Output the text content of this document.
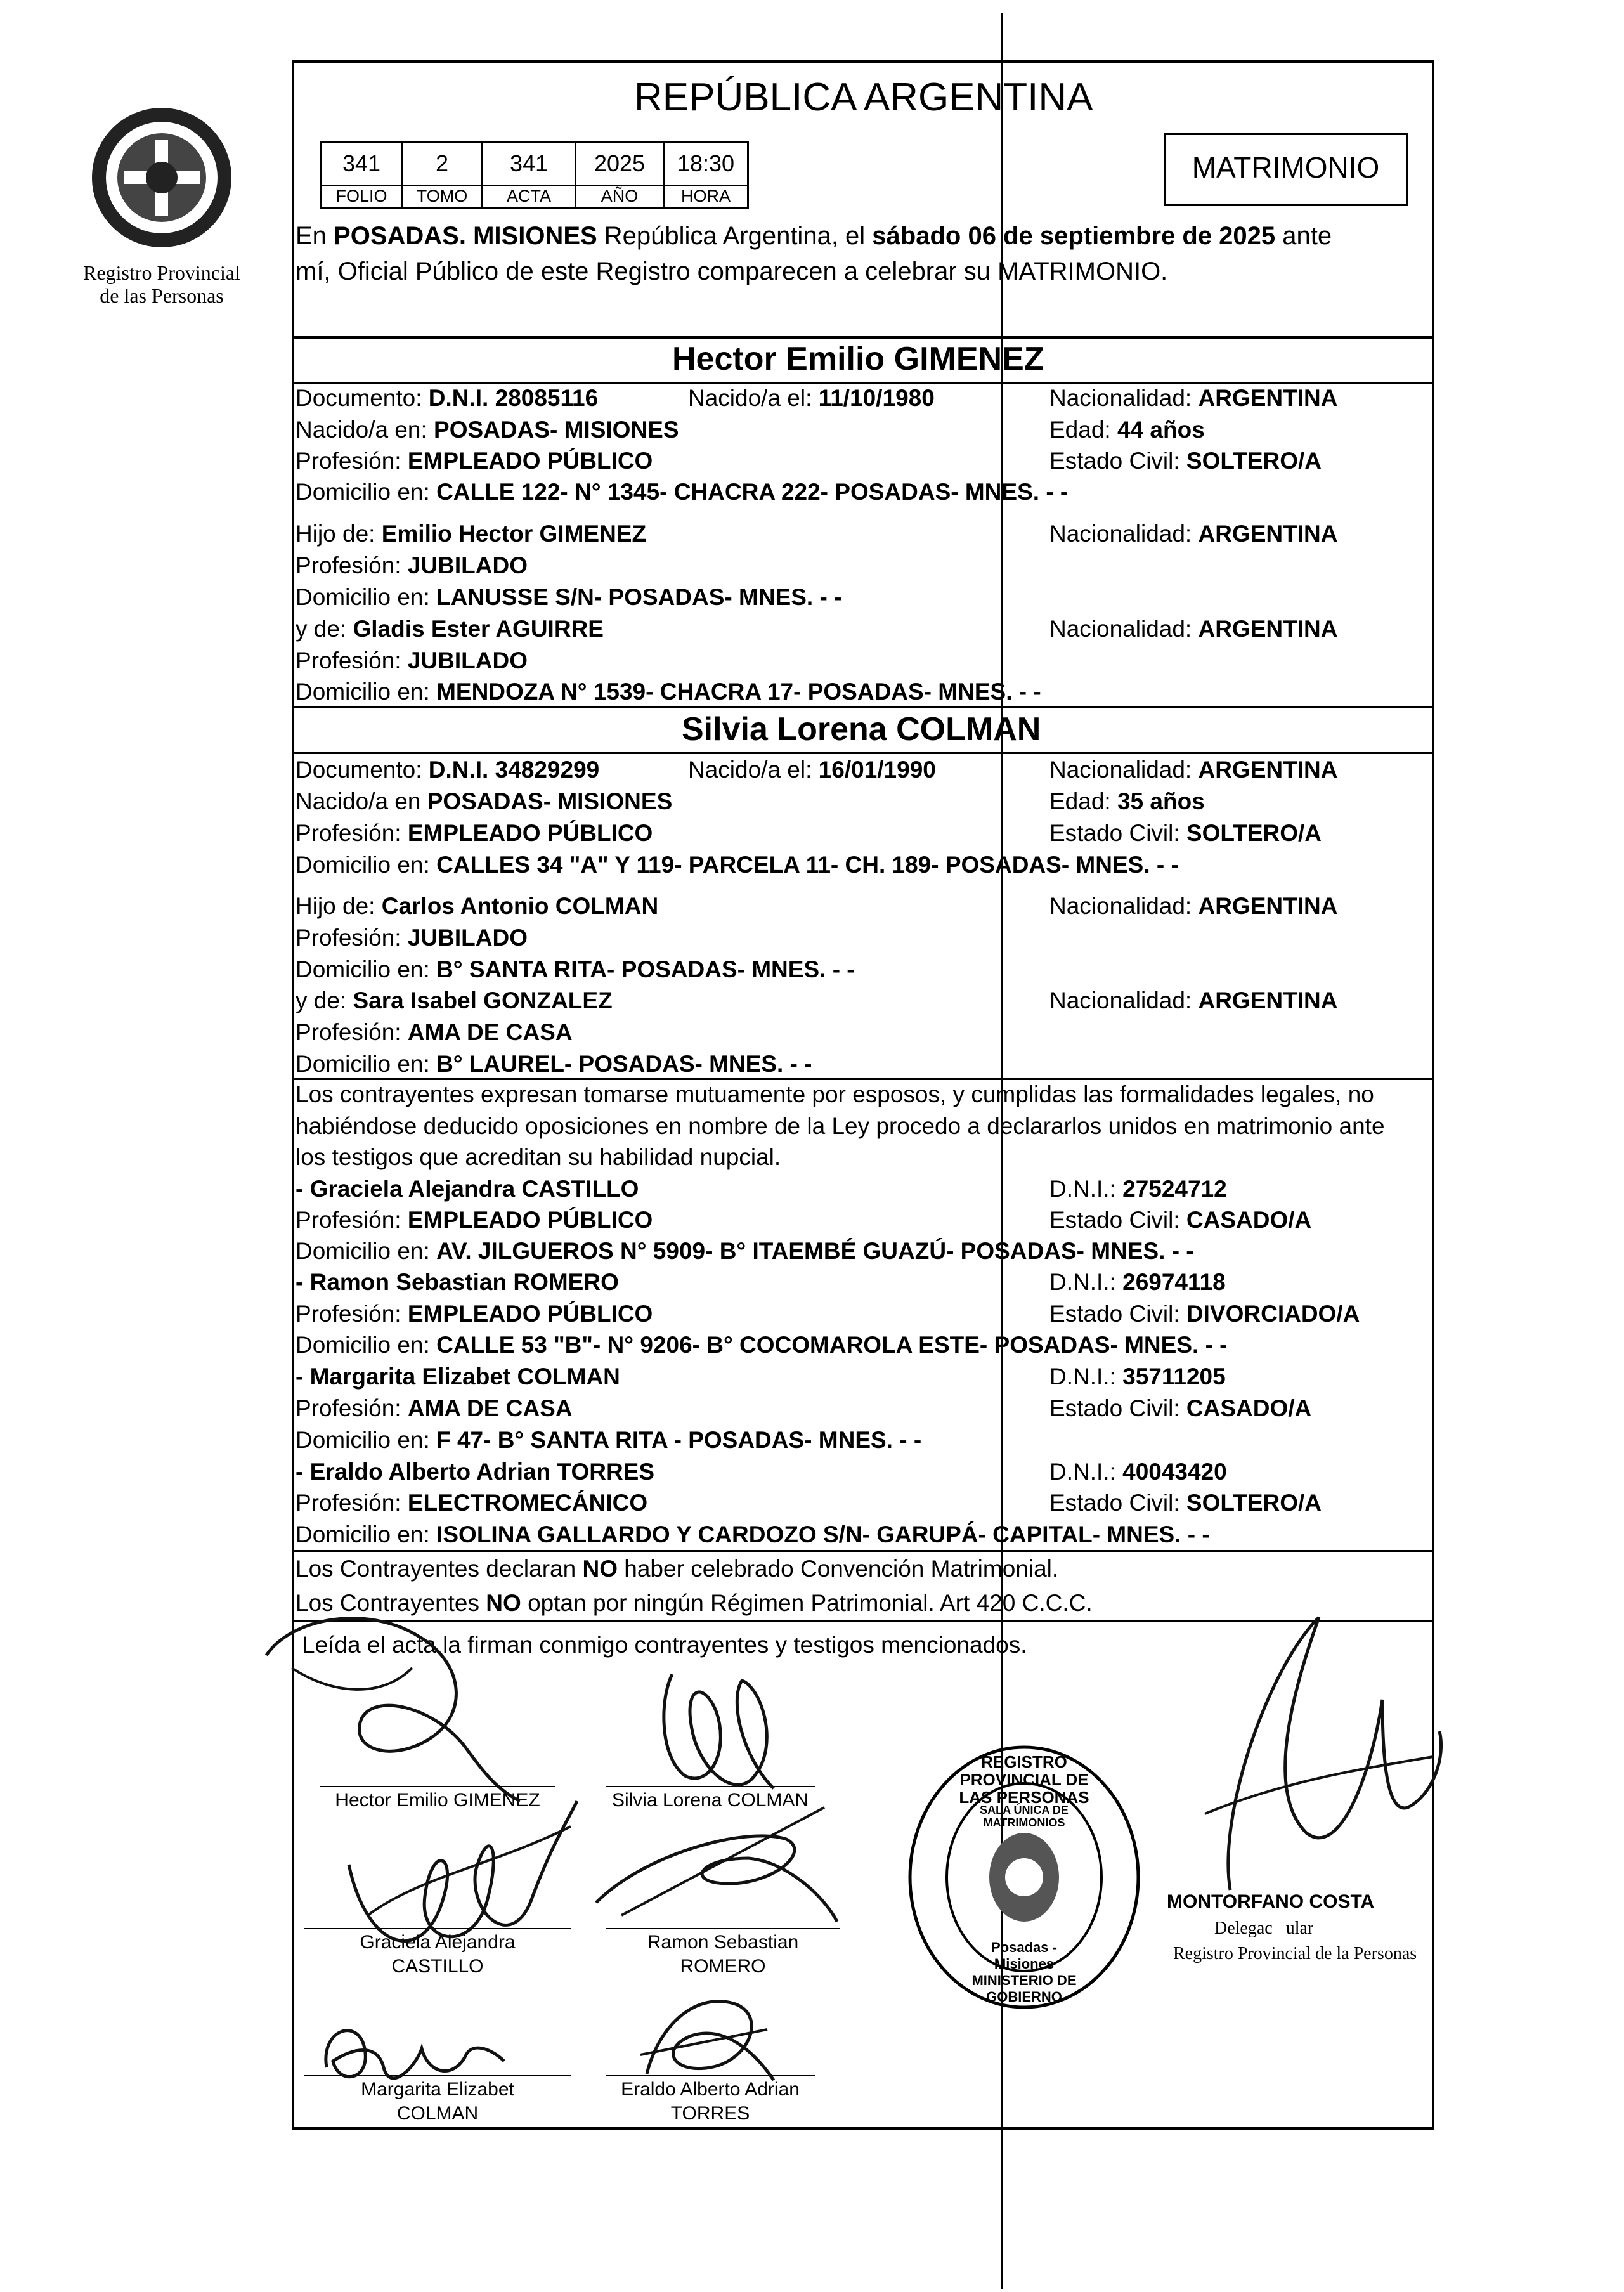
Registro Provincial
de las Personas
REPÚBLICA ARGENTINA
MATRIMONIO
341	2	341	2025	18:30
FOLIO	TOMO	ACTA	AÑO	HORA
En POSADAS. MISIONES República Argentina, el sábado 06 de septiembre de 2025 ante
mí, Oficial Público de este Registro comparecen a celebrar su MATRIMONIO.
Hector Emilio GIMENEZ
Documento: D.N.I. 28085116	Nacido/a el: 11/10/1980	Nacionalidad: ARGENTINA
Nacido/a en: POSADAS- MISIONES	Edad: 44 años
Profesión: EMPLEADO PÚBLICO	Estado Civil: SOLTERO/A
Domicilio en: CALLE 122- N° 1345- CHACRA 222- POSADAS- MNES. - -
Hijo de: Emilio Hector GIMENEZ	Nacionalidad: ARGENTINA
Profesión: JUBILADO
Domicilio en: LANUSSE S/N- POSADAS- MNES. - -
y de: Gladis Ester AGUIRRE	Nacionalidad: ARGENTINA
Profesión: JUBILADO
Domicilio en: MENDOZA N° 1539- CHACRA 17- POSADAS- MNES. - -
Silvia Lorena COLMAN
Documento: D.N.I. 34829299	Nacido/a el: 16/01/1990	Nacionalidad: ARGENTINA
Nacido/a en POSADAS- MISIONES	Edad: 35 años
Profesión: EMPLEADO PÚBLICO	Estado Civil: SOLTERO/A
Domicilio en: CALLES 34 "A" Y 119- PARCELA 11- CH. 189- POSADAS- MNES. - -
Hijo de: Carlos Antonio COLMAN	Nacionalidad: ARGENTINA
Profesión: JUBILADO
Domicilio en: B° SANTA RITA- POSADAS- MNES. - -
y de: Sara Isabel GONZALEZ	Nacionalidad: ARGENTINA
Profesión: AMA DE CASA
Domicilio en: B° LAUREL- POSADAS- MNES. - -
Los contrayentes expresan tomarse mutuamente por esposos, y cumplidas las formalidades legales, no
habiéndose deducido oposiciones en nombre de la Ley procedo a declararlos unidos en matrimonio ante
los testigos que acreditan su habilidad nupcial.
- Graciela Alejandra CASTILLO	D.N.I.: 27524712
Profesión: EMPLEADO PÚBLICO	Estado Civil: CASADO/A
Domicilio en: AV. JILGUEROS N° 5909- B° ITAEMBÉ GUAZÚ- POSADAS- MNES. - -
- Ramon Sebastian ROMERO	D.N.I.: 26974118
Profesión: EMPLEADO PÚBLICO	Estado Civil: DIVORCIADO/A
Domicilio en: CALLE 53 "B"- N° 9206- B° COCOMAROLA ESTE- POSADAS- MNES. - -
- Margarita Elizabet COLMAN	D.N.I.: 35711205
Profesión: AMA DE CASA	Estado Civil: CASADO/A
Domicilio en: F 47- B° SANTA RITA - POSADAS- MNES. - -
- Eraldo Alberto Adrian TORRES	D.N.I.: 40043420
Profesión: ELECTROMECÁNICO	Estado Civil: SOLTERO/A
Domicilio en: ISOLINA GALLARDO Y CARDOZO S/N- GARUPÁ- CAPITAL- MNES. - -
Los Contrayentes declaran NO haber celebrado Convención Matrimonial.
Los Contrayentes NO optan por ningún Régimen Patrimonial. Art 420 C.C.C.
Leída el acta la firman conmigo contrayentes y testigos mencionados.
Hector Emilio GIMENEZ	Silvia Lorena COLMAN
Graciela Alejandra
CASTILLO
Ramon Sebastian
ROMERO
Margarita Elizabet
COLMAN
Eraldo Alberto Adrian
TORRES
REGISTRO PROVINCIAL DE LAS PERSONAS
SALA ÚNICA DE MATRIMONIOS
Posadas - Misiones
MINISTERIO DE GOBIERNO
MONTORFANO COSTA
Delegac   ular
Registro Provincial de la Personas
